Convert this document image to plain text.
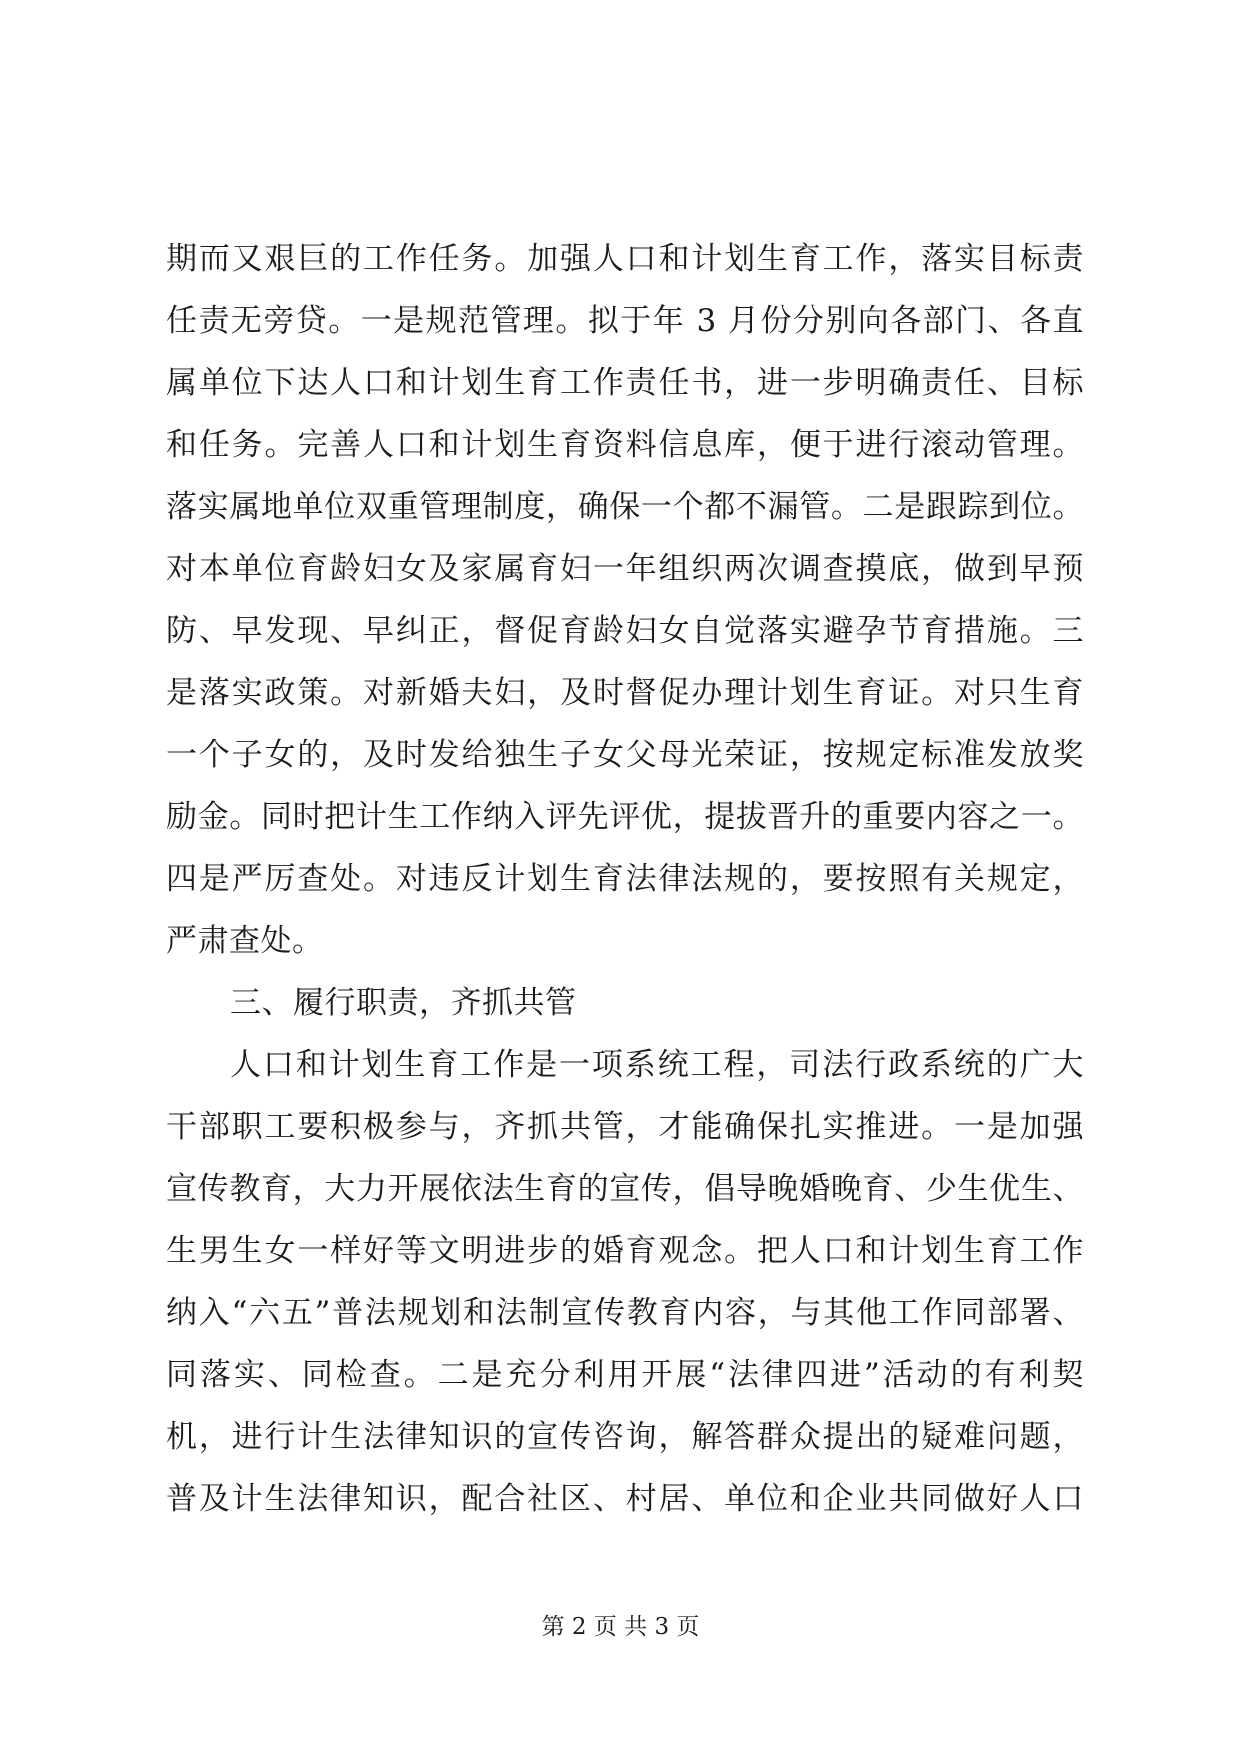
期而又艰巨的工作任务。加强人口和计划生育工作，落实目标责
任责无旁贷。一是规范管理。拟于年 3 月份分别向各部门、各直
属单位下达人口和计划生育工作责任书，进一步明确责任、目标
和任务。完善人口和计划生育资料信息库，便于进行滚动管理。
落实属地单位双重管理制度，确保一个都不漏管。二是跟踪到位。
对本单位育龄妇女及家属育妇一年组织两次调查摸底，做到早预
防、早发现、早纠正，督促育龄妇女自觉落实避孕节育措施。三
是落实政策。对新婚夫妇，及时督促办理计划生育证。对只生育
一个子女的，及时发给独生子女父母光荣证，按规定标准发放奖
励金。同时把计生工作纳入评先评优，提拔晋升的重要内容之一。
四是严厉查处。对违反计划生育法律法规的，要按照有关规定，
严肃查处。
三、履行职责，齐抓共管
人口和计划生育工作是一项系统工程，司法行政系统的广大
干部职工要积极参与，齐抓共管，才能确保扎实推进。一是加强
宣传教育，大力开展依法生育的宣传，倡导晚婚晚育、少生优生、
生男生女一样好等文明进步的婚育观念。把人口和计划生育工作
纳入“六五”普法规划和法制宣传教育内容，与其他工作同部署、
同落实、同检查。二是充分利用开展“法律四进”活动的有利契
机，进行计生法律知识的宣传咨询，解答群众提出的疑难问题，
普及计生法律知识，配合社区、村居、单位和企业共同做好人口
第 2 页 共 3 页
